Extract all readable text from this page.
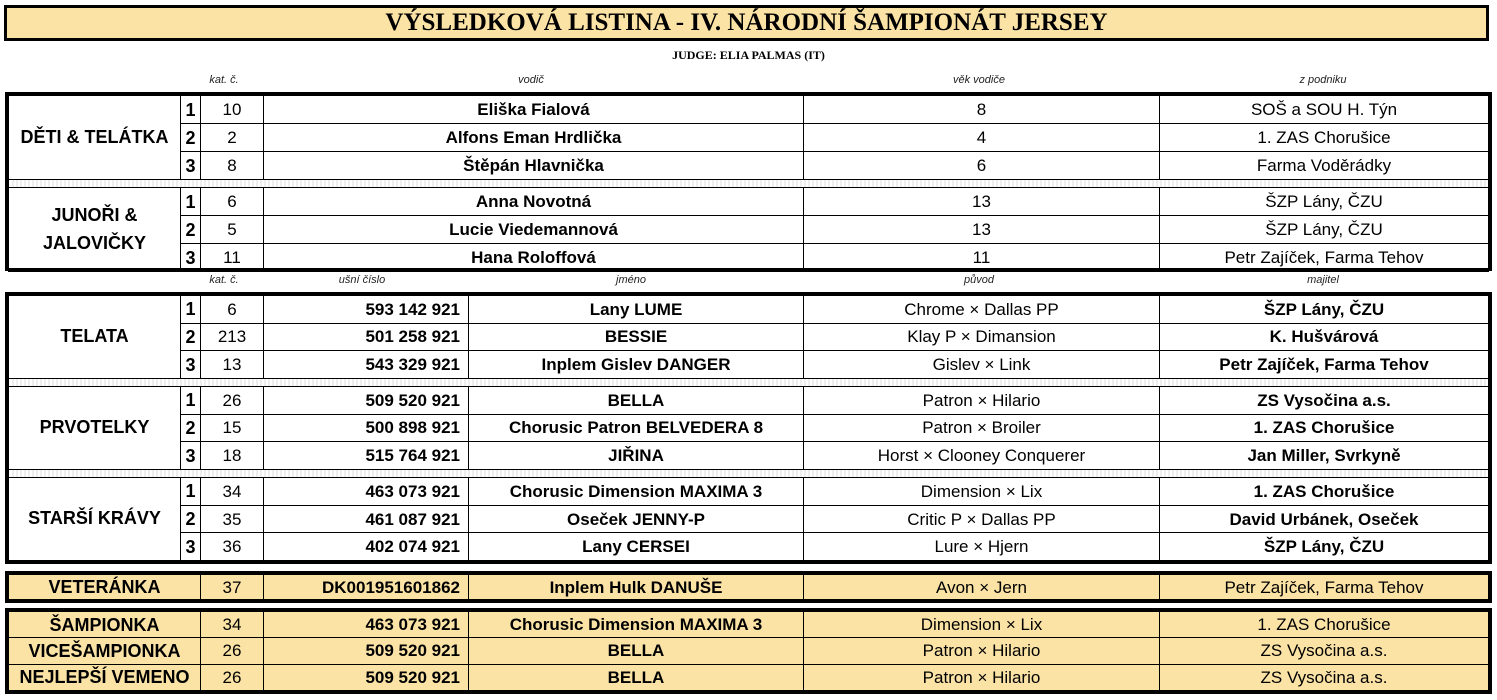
VÝSLEDKOVÁ LISTINA - IV. NÁRODNÍ ŠAMPIONÁT JERSEY
JUDGE: ELIA PALMAS (IT)
kat. č.	vodič	věk vodiče	z podniku
DĚTI & TELÁTKA	1	10	Eliška Fialová	8	SOŠ a SOU H. Týn
	2	2	Alfons Eman Hrdlička	4	1. ZAS Chorušice
	3	8	Štěpán Hlavnička	6	Farma Voděrádky

JUNOŘI & JALOVIČKY	1	6	Anna Novotná	13	ŠZP Lány, ČZU
	2	5	Lucie Viedemannová	13	ŠZP Lány, ČZU
	3	11	Hana Roloffová	11	Petr Zajíček, Farma Tehov
kat. č.	ušní číslo	jméno	původ	majitel
TELATA	1	6	593 142 921	Lany LUME	Chrome × Dallas PP	ŠZP Lány, ČZU
	2	213	501 258 921	BESSIE	Klay P × Dimansion	K. Hušvárová
	3	13	543 329 921	Inplem Gislev DANGER	Gislev × Link	Petr Zajíček, Farma Tehov

PRVOTELKY	1	26	509 520 921	BELLA	Patron × Hilario	ZS Vysočina a.s.
	2	15	500 898 921	Chorusic Patron BELVEDERA 8	Patron × Broiler	1. ZAS Chorušice
	3	18	515 764 921	JIŘINA	Horst × Clooney Conquerer	Jan Miller, Svrkyně

STARŠÍ KRÁVY	1	34	463 073 921	Chorusic Dimension MAXIMA 3	Dimension × Lix	1. ZAS Chorušice
	2	35	461 087 921	Oseček JENNY-P	Critic P × Dallas PP	David Urbánek, Oseček
	3	36	402 074 921	Lany CERSEI	Lure × Hjern	ŠZP Lány, ČZU
VETERÁNKA	37	DK001951601862	Inplem Hulk DANUŠE	Avon × Jern	Petr Zajíček, Farma Tehov
ŠAMPIONKA	34	463 073 921	Chorusic Dimension MAXIMA 3	Dimension × Lix	1. ZAS Chorušice
VICEŠAMPIONKA	26	509 520 921	BELLA	Patron × Hilario	ZS Vysočina a.s.
NEJLEPŠÍ VEMENO	26	509 520 921	BELLA	Patron × Hilario	ZS Vysočina a.s.
